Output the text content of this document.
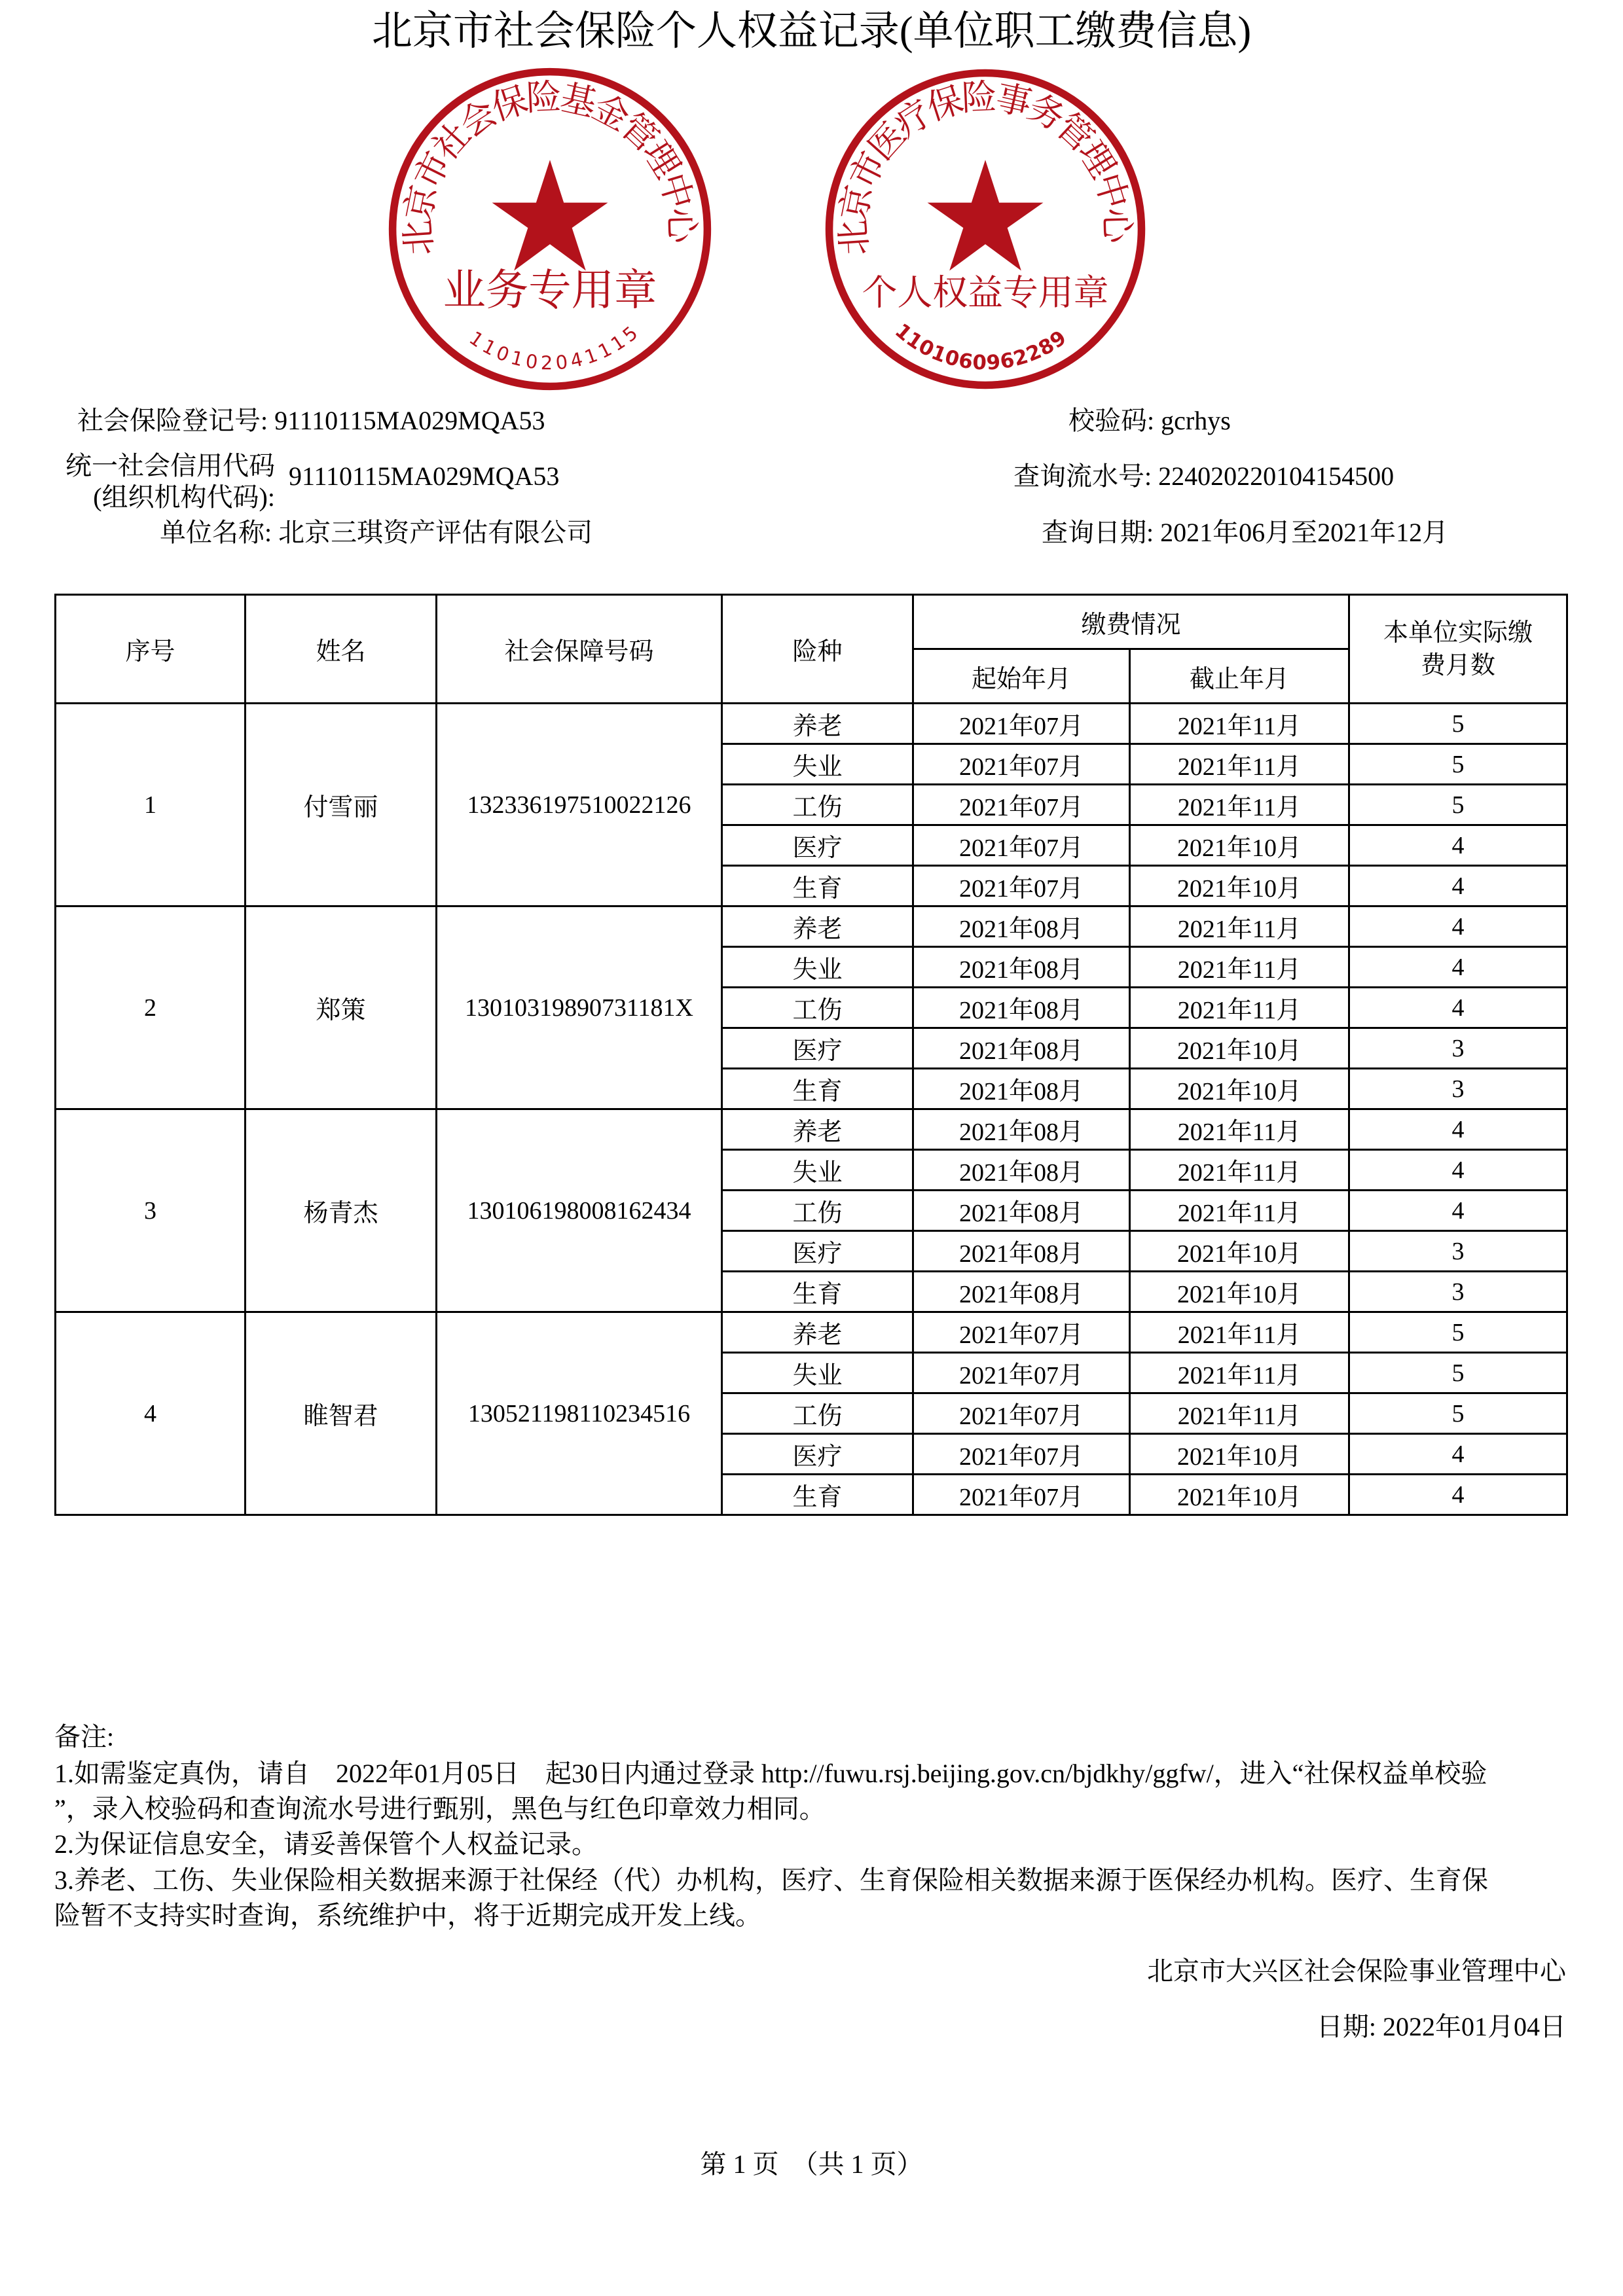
北京市社会保险个人权益记录(单位职工缴费信息)
北京市社会保险基金管理中心
业务专用章
110102041115
北京市医疗保险事务管理中心
个人权益专用章
1101060962289
社会保险登记号: 91110115MA029MQA53
统一社会信用代码
(组织机构代码):
91110115MA029MQA53
单位名称: 北京三琪资产评估有限公司
校验码: gcrhys
查询流水号: 224020220104154500
查询日期: 2021年06月至2021年12月
序号	姓名	社会保障号码	险种	缴费情况		本单位实际缴费月数

				起始年月	截止年月	
1	付雪丽	132336197510022126	养老	2021年07月	2021年11月	5
			失业	2021年07月	2021年11月	5
			工伤	2021年07月	2021年11月	5
			医疗	2021年07月	2021年10月	4
			生育	2021年07月	2021年10月	4
2	郑策	13010319890731181X	养老	2021年08月	2021年11月	4
			失业	2021年08月	2021年11月	4
			工伤	2021年08月	2021年11月	4
			医疗	2021年08月	2021年10月	3
			生育	2021年08月	2021年10月	3
3	杨青杰	130106198008162434	养老	2021年08月	2021年11月	4
			失业	2021年08月	2021年11月	4
			工伤	2021年08月	2021年11月	4
			医疗	2021年08月	2021年10月	3
			生育	2021年08月	2021年10月	3
4	睢智君	130521198110234516	养老	2021年07月	2021年11月	5
			失业	2021年07月	2021年11月	5
			工伤	2021年07月	2021年11月	5
			医疗	2021年07月	2021年10月	4
			生育	2021年07月	2021年10月	4
备注:
1.如需鉴定真伪，请自　2022年01月05日　起30日内通过登录 http://fuwu.rsj.beijing.gov.cn/bjdkhy/ggfw/，进入“社保权益单校验
”，录入校验码和查询流水号进行甄别，黑色与红色印章效力相同。
2.为保证信息安全，请妥善保管个人权益记录。
3.养老、工伤、失业保险相关数据来源于社保经（代）办机构，医疗、生育保险相关数据来源于医保经办机构。医疗、生育保
险暂不支持实时查询，系统维护中，将于近期完成开发上线。
北京市大兴区社会保险事业管理中心
日期: 2022年01月04日
第 1 页　（共 1 页）
